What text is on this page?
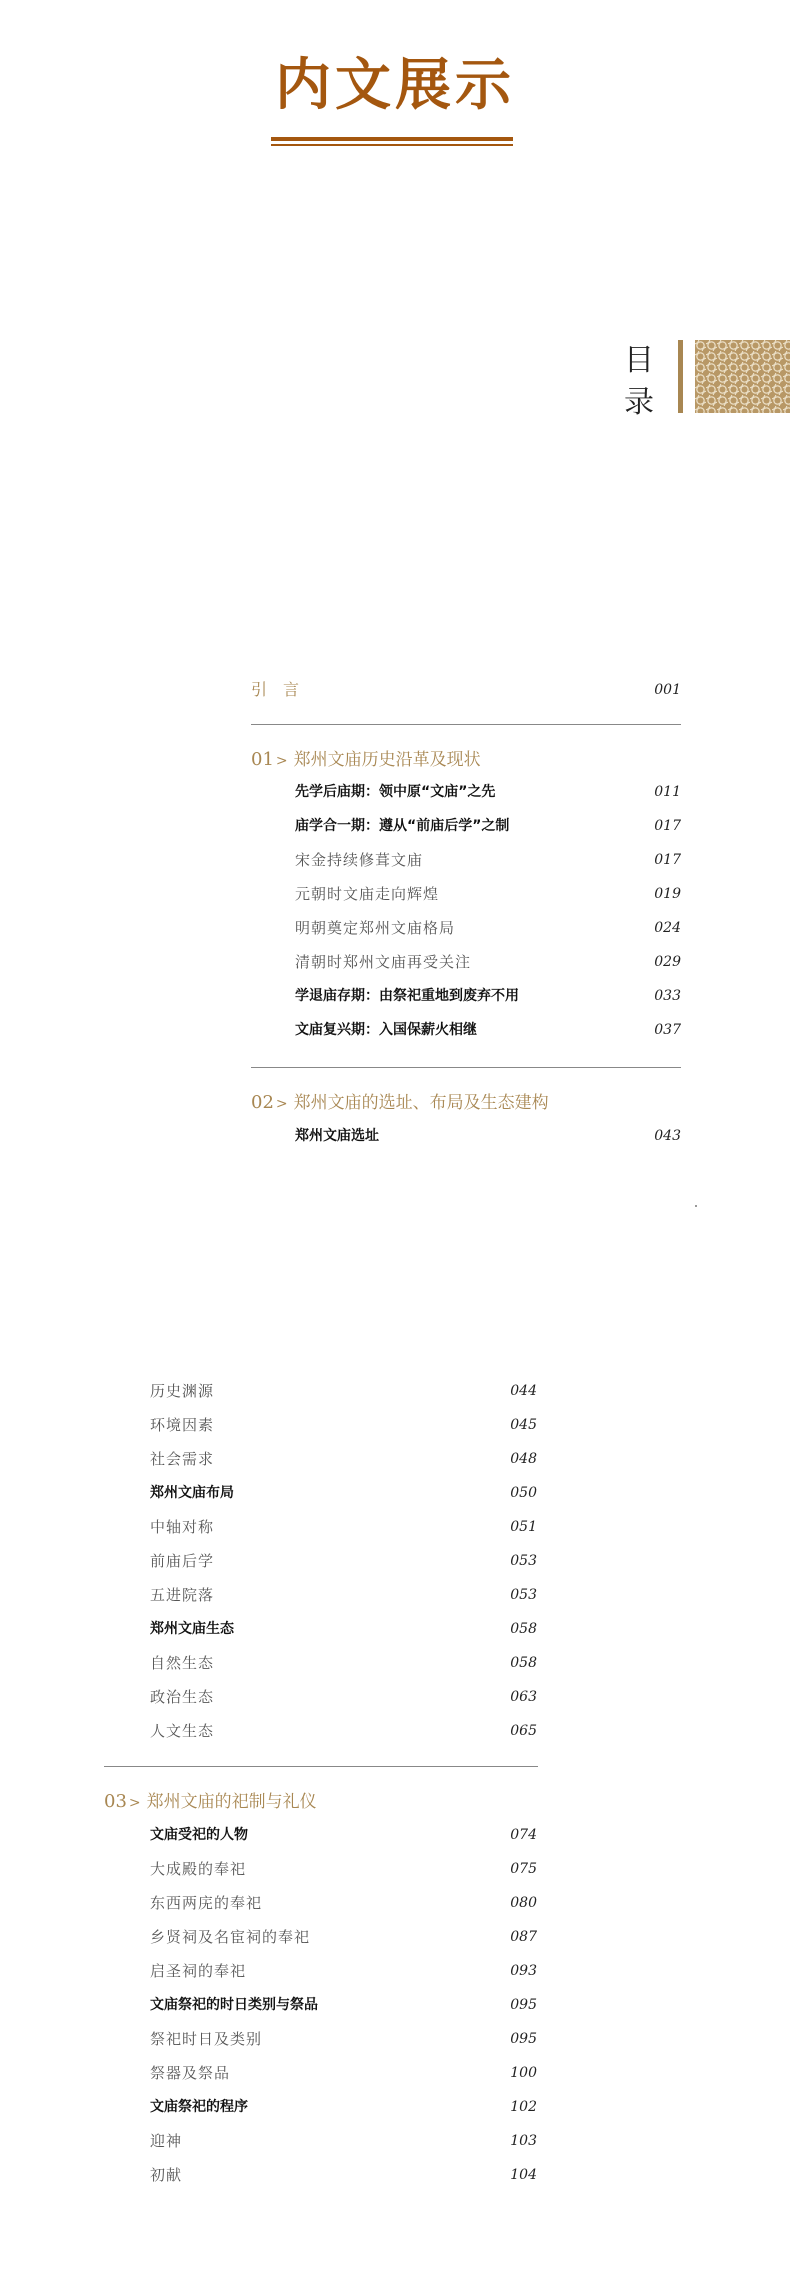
内文展示
目
录
引　言	001
01 > 郑州文庙历史沿革及现状
先学后庙期：领中原“文庙”之先	011
庙学合一期：遵从“前庙后学”之制	017
宋金持续修葺文庙	017
元朝时文庙走向辉煌	019
明朝奠定郑州文庙格局	024
清朝时郑州文庙再受关注	029
学退庙存期：由祭祀重地到废弃不用	033
文庙复兴期：入国保薪火相继	037
02 > 郑州文庙的选址、布局及生态建构
郑州文庙选址	043
历史渊源	044
环境因素	045
社会需求	048
郑州文庙布局	050
中轴对称	051
前庙后学	053
五进院落	053
郑州文庙生态	058
自然生态	058
政治生态	063
人文生态	065
03 > 郑州文庙的祀制与礼仪
文庙受祀的人物	074
大成殿的奉祀	075
东西两庑的奉祀	080
乡贤祠及名宦祠的奉祀	087
启圣祠的奉祀	093
文庙祭祀的时日类别与祭品	095
祭祀时日及类别	095
祭器及祭品	100
文庙祭祀的程序	102
迎神	103
初献	104
